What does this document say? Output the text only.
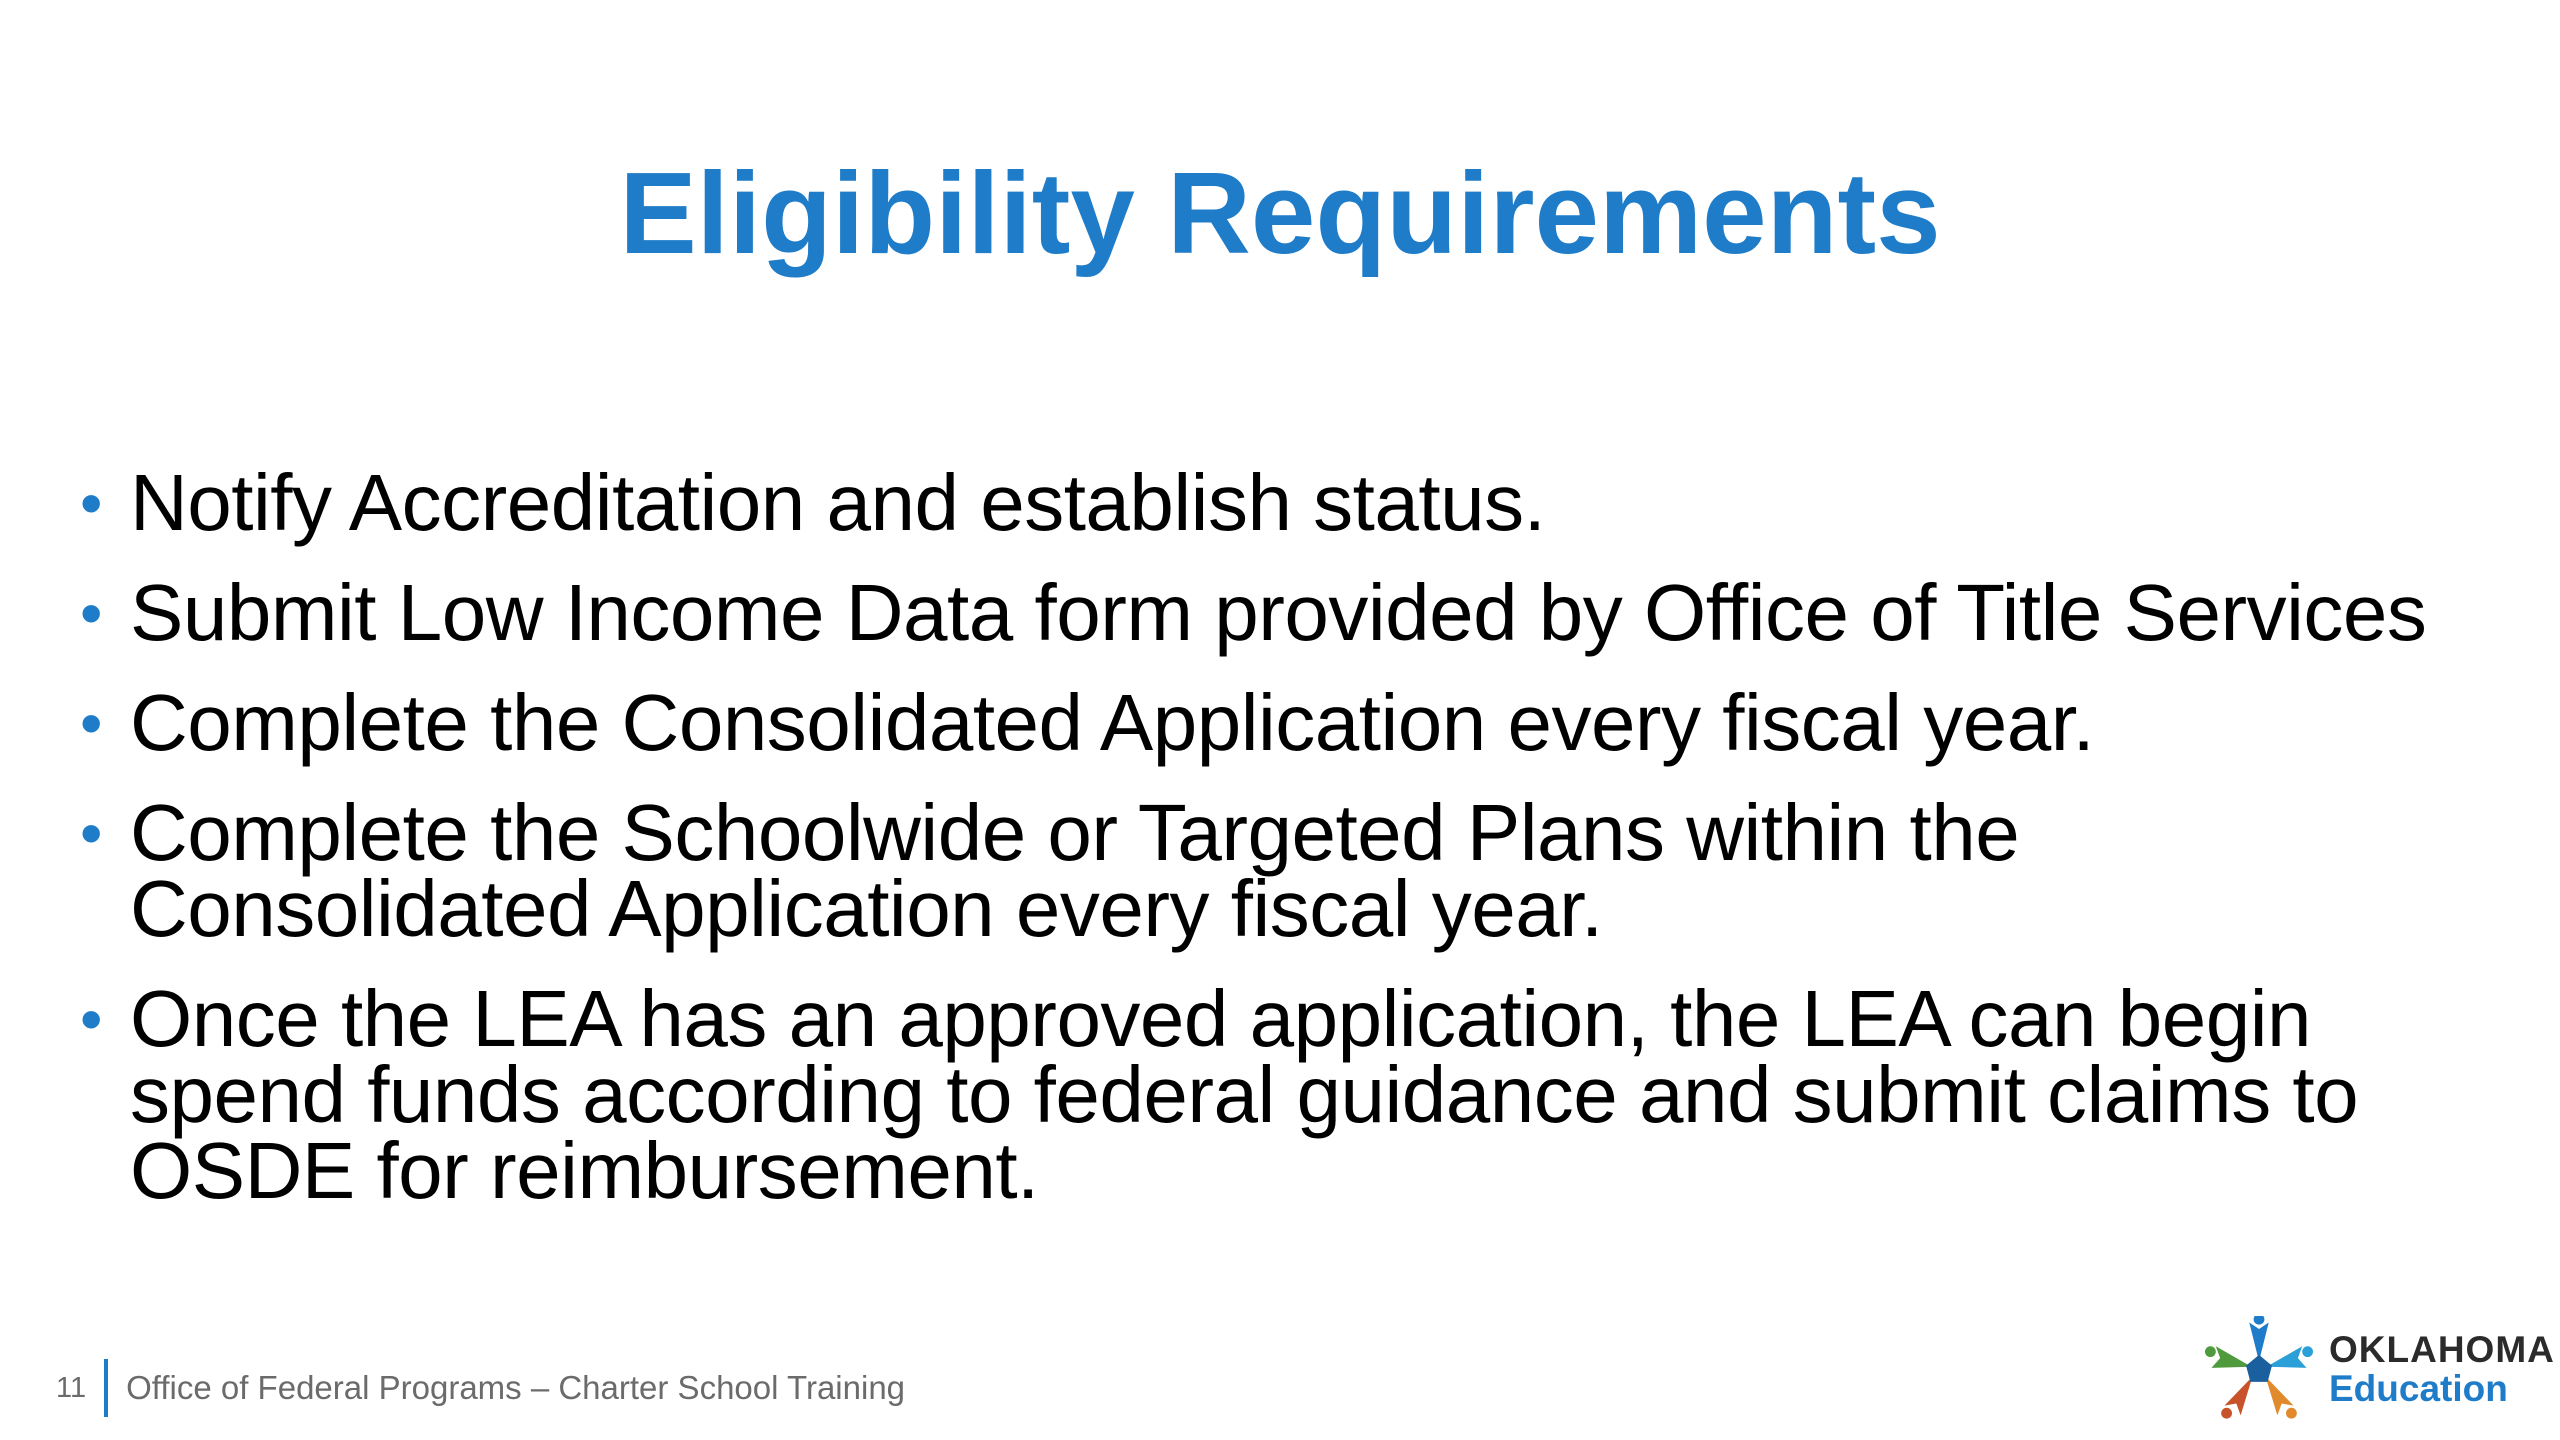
Eligibility Requirements
• Notify Accreditation and establish status.
• Submit Low Income Data form provided by Office of Title Services
• Complete the Consolidated Application every fiscal year.
• Complete the Schoolwide or Targeted Plans within the Consolidated Application every fiscal year.
• Once the LEA has an approved application, the LEA can begin spend funds according to federal guidance and submit claims to OSDE for reimbursement.
11 Office of Federal Programs – Charter School Training
OKLAHOMA
Education
